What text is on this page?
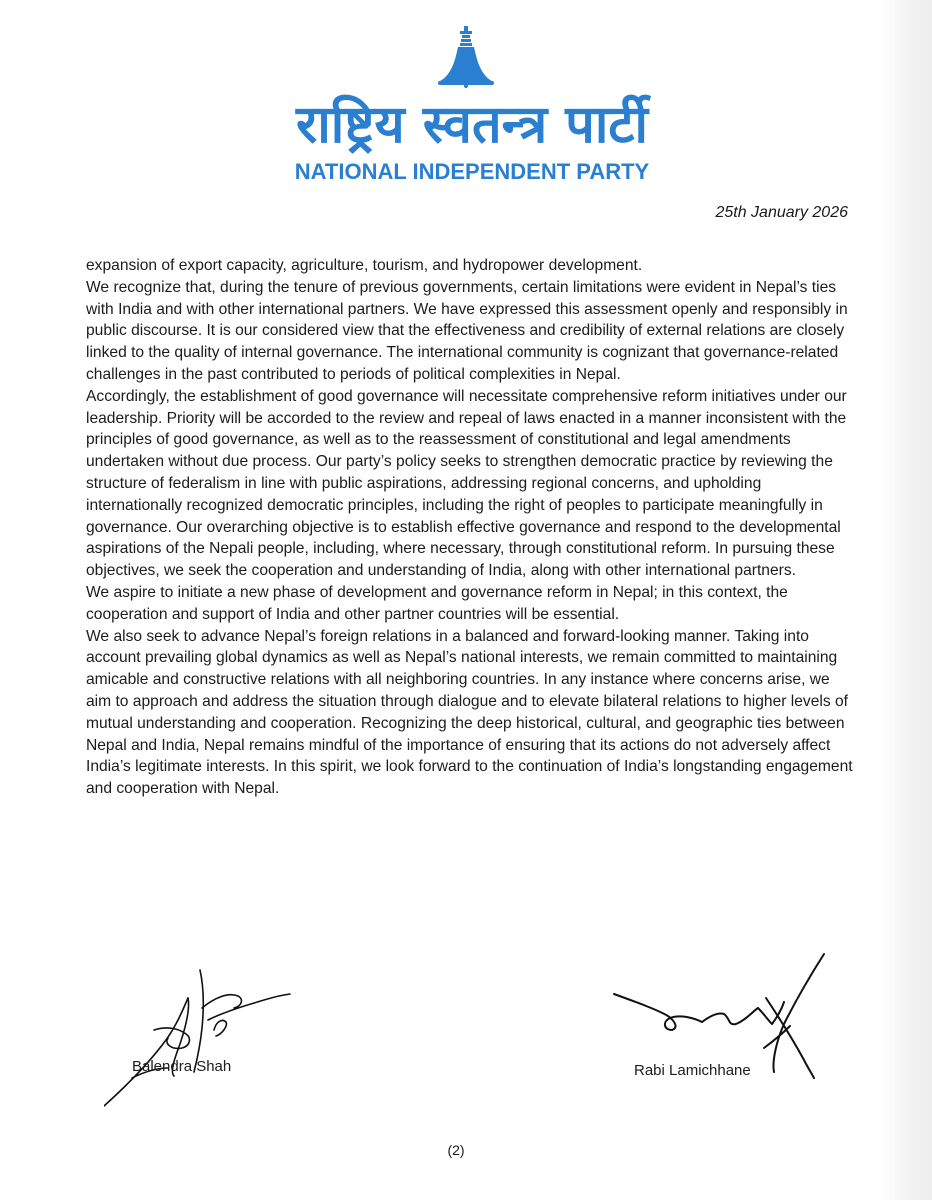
राष्ट्रिय स्वतन्त्र पार्टी
NATIONAL INDEPENDENT PARTY
25th January 2026

expansion of export capacity, agriculture, tourism, and hydropower development.

We recognize that, during the tenure of previous governments, certain limitations were evident in Nepal’s ties with India and with other international partners. We have expressed this assessment openly and responsibly in public discourse. It is our considered view that the effectiveness and credibility of external relations are closely linked to the quality of internal governance. The international community is cognizant that governance-related challenges in the past contributed to periods of political complexities in Nepal.

Accordingly, the establishment of good governance will necessitate comprehensive reform initiatives under our leadership. Priority will be accorded to the review and repeal of laws enacted in a manner inconsistent with the principles of good governance, as well as to the reassessment of constitutional and legal amendments undertaken without due process. Our party’s policy seeks to strengthen democratic practice by reviewing the structure of federalism in line with public aspirations, addressing regional concerns, and upholding internationally recognized democratic principles, including the right of peoples to participate meaningfully in governance. Our overarching objective is to establish effective governance and respond to the developmental aspirations of the Nepali people, including, where necessary, through constitutional reform. In pursuing these objectives, we seek the cooperation and understanding of India, along with other international partners.

We aspire to initiate a new phase of development and governance reform in Nepal; in this context, the cooperation and support of India and other partner countries will be essential.

We also seek to advance Nepal’s foreign relations in a balanced and forward-looking manner. Taking into account prevailing global dynamics as well as Nepal’s national interests, we remain committed to maintaining amicable and constructive relations with all neighboring countries. In any instance where concerns arise, we aim to approach and address the situation through dialogue and to elevate bilateral relations to higher levels of mutual understanding and cooperation. Recognizing the deep historical, cultural, and geographic ties between Nepal and India, Nepal remains mindful of the importance of ensuring that its actions do not adversely affect India’s legitimate interests. In this spirit, we look forward to the continuation of India’s longstanding engagement and cooperation with Nepal.

Balendra Shah	Rabi Lamichhane
(2)
